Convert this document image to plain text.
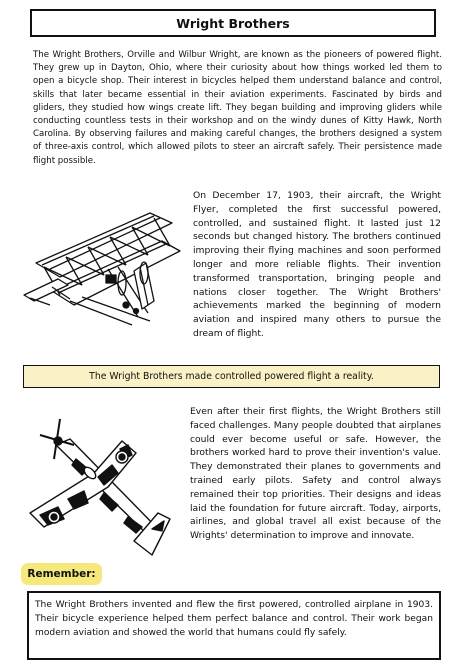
Wright Brothers

The Wright Brothers, Orville and Wilbur Wright, are known as the pioneers of powered flight. They grew up in Dayton, Ohio, where their curiosity about how things worked led them to open a bicycle shop. Their interest in bicycles helped them understand balance and control, skills that later became essential in their aviation experiments. Fascinated by birds and gliders, they studied how wings create lift. They began building and improving gliders while conducting countless tests in their workshop and on the windy dunes of Kitty Hawk, North Carolina. By observing failures and making careful changes, the brothers designed a system of three-axis control, which allowed pilots to steer an aircraft safely. Their persistence made flight possible.

On December 17, 1903, their aircraft, the Wright Flyer, completed the first successful powered, controlled, and sustained flight. It lasted just 12 seconds but changed history. The brothers continued improving their flying machines and soon performed longer and more reliable flights. Their invention transformed transportation, bringing people and nations closer together. The Wright Brothers' achievements marked the beginning of modern aviation and inspired many others to pursue the dream of flight.

The Wright Brothers made controlled powered flight a reality.

Even after their first flights, the Wright Brothers still faced challenges. Many people doubted that airplanes could ever become useful or safe. However, the brothers worked hard to prove their invention's value. They demonstrated their planes to governments and trained early pilots. Safety and control always remained their top priorities. Their designs and ideas laid the foundation for future aircraft. Today, airports, airlines, and global travel all exist because of the Wrights' determination to improve and innovate.

Remember:

The Wright Brothers invented and flew the first powered, controlled airplane in 1903. Their bicycle experience helped them perfect balance and control. Their work began modern aviation and showed the world that humans could fly safely.
